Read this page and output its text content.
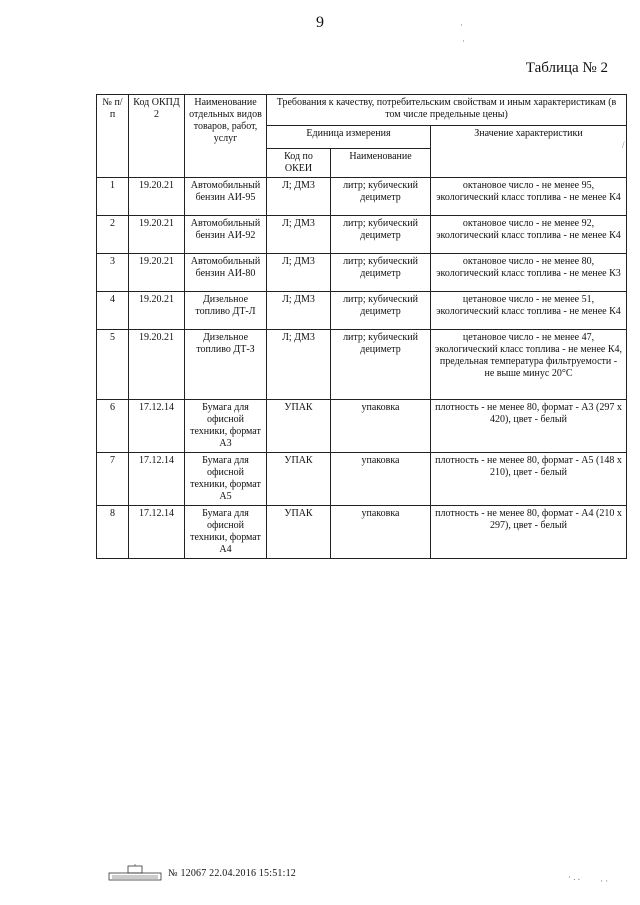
9
Таблица № 2
·
·
/
· . . · ·
№ п/п	Код ОКПД 2	Наименование отдельных видов товаров, работ, услуг	Требования к качеству, потребительским свойствам и иным характеристикам (в том числе предельные цены)		
			Единица измерения		Значение характеристики
			Код по ОКЕИ	Наименование	
1	19.20.21	Автомобильный бензин АИ-95	Л; ДМ3	литр; кубический дециметр	октановое число - не менее 95, экологический класс топлива - не менее К4
2	19.20.21	Автомобильный бензин АИ-92	Л; ДМ3	литр; кубический дециметр	октановое число - не менее 92, экологический класс топлива - не менее К4
3	19.20.21	Автомобильный бензин АИ-80	Л; ДМ3	литр; кубический дециметр	октановое число - не менее 80, экологический класс топлива - не менее К3
4	19.20.21	Дизельное топливо ДТ-Л	Л; ДМ3	литр; кубический дециметр	цетановое число - не менее 51, экологический класс топлива - не менее К4
5	19.20.21	Дизельное топливо ДТ-З	Л; ДМ3	литр; кубический дециметр	цетановое число - не менее 47, экологический класс топлива - не менее К4, предельная температура фильтруемости - не выше минус 20°С
6	17.12.14	Бумага для офисной техники, формат А3	УПАК	упаковка	плотность - не менее 80, формат - А3 (297 х 420), цвет - белый
7	17.12.14	Бумага для офисной техники, формат А5	УПАК	упаковка	плотность - не менее 80, формат - А5 (148 х 210), цвет - белый
8	17.12.14	Бумага для офисной техники, формат А4	УПАК	упаковка	плотность - не менее 80, формат - А4 (210 х 297), цвет - белый
№ 12067 22.04.2016 15:51:12
